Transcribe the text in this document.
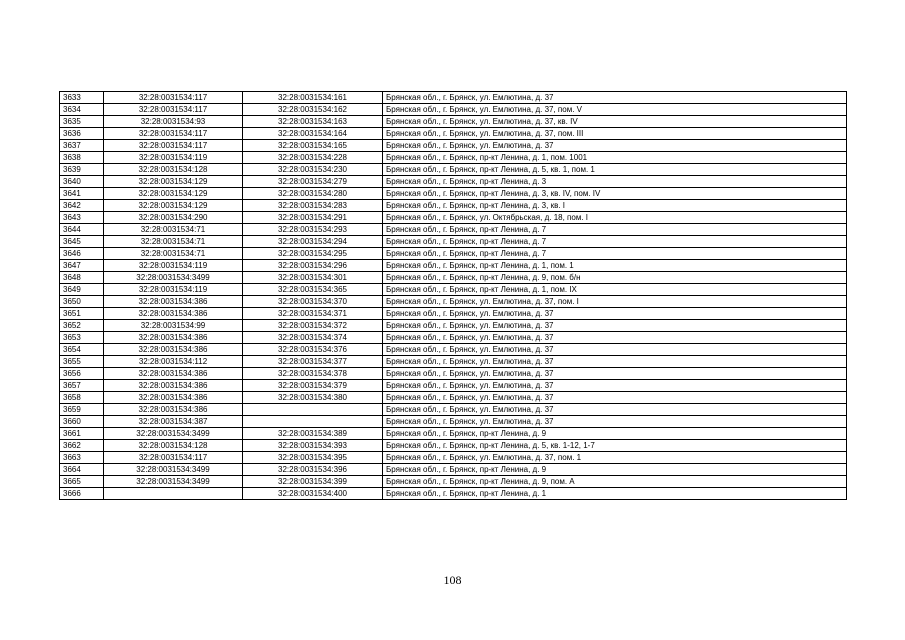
3633	32:28:0031534:117	32:28:0031534:161	Брянская обл., г. Брянск, ул. Емлютина, д. 37
3634	32:28:0031534:117	32:28:0031534:162	Брянская обл., г. Брянск, ул. Емлютина, д. 37, пом. V
3635	32:28:0031534:93	32:28:0031534:163	Брянская обл., г. Брянск, ул. Емлютина, д. 37, кв. IV
3636	32:28:0031534:117	32:28:0031534:164	Брянская обл., г. Брянск, ул. Емлютина, д. 37, пом. III
3637	32:28:0031534:117	32:28:0031534:165	Брянская обл., г. Брянск, ул. Емлютина, д. 37
3638	32:28:0031534:119	32:28:0031534:228	Брянская обл., г. Брянск, пр-кт Ленина, д. 1, пом. 1001
3639	32:28:0031534:128	32:28:0031534:230	Брянская обл., г. Брянск, пр-кт Ленина, д. 5, кв. 1, пом. 1
3640	32:28:0031534:129	32:28:0031534:279	Брянская обл., г. Брянск, пр-кт Ленина, д. 3
3641	32:28:0031534:129	32:28:0031534:280	Брянская обл., г. Брянск, пр-кт Ленина, д. 3, кв. IV, пом. IV
3642	32:28:0031534:129	32:28:0031534:283	Брянская обл., г. Брянск, пр-кт Ленина, д. 3, кв. I
3643	32:28:0031534:290	32:28:0031534:291	Брянская обл., г. Брянск, ул. Октябрьская, д. 18, пом. I
3644	32:28:0031534:71	32:28:0031534:293	Брянская обл., г. Брянск, пр-кт Ленина, д. 7
3645	32:28:0031534:71	32:28:0031534:294	Брянская обл., г. Брянск, пр-кт Ленина, д. 7
3646	32:28:0031534:71	32:28:0031534:295	Брянская обл., г. Брянск, пр-кт Ленина, д. 7
3647	32:28:0031534:119	32:28:0031534:296	Брянская обл., г. Брянск, пр-кт Ленина, д. 1, пом. 1
3648	32:28:0031534:3499	32:28:0031534:301	Брянская обл., г. Брянск, пр-кт Ленина, д. 9, пом. б/н
3649	32:28:0031534:119	32:28:0031534:365	Брянская обл., г. Брянск, пр-кт Ленина, д. 1, пом. IX
3650	32:28:0031534:386	32:28:0031534:370	Брянская обл., г. Брянск, ул. Емлютина, д. 37, пом. I
3651	32:28:0031534:386	32:28:0031534:371	Брянская обл., г. Брянск, ул. Емлютина, д. 37
3652	32:28:0031534:99	32:28:0031534:372	Брянская обл., г. Брянск, ул. Емлютина, д. 37
3653	32:28:0031534:386	32:28:0031534:374	Брянская обл., г. Брянск, ул. Емлютина, д. 37
3654	32:28:0031534:386	32:28:0031534:376	Брянская обл., г. Брянск, ул. Емлютина, д. 37
3655	32:28:0031534:112	32:28:0031534:377	Брянская обл., г. Брянск, ул. Емлютина, д. 37
3656	32:28:0031534:386	32:28:0031534:378	Брянская обл., г. Брянск, ул. Емлютина, д. 37
3657	32:28:0031534:386	32:28:0031534:379	Брянская обл., г. Брянск, ул. Емлютина, д. 37
3658	32:28:0031534:386	32:28:0031534:380	Брянская обл., г. Брянск, ул. Емлютина, д. 37
3659	32:28:0031534:386		Брянская обл., г. Брянск, ул. Емлютина, д. 37
3660	32:28:0031534:387		Брянская обл., г. Брянск, ул. Емлютина, д. 37
3661	32:28:0031534:3499	32:28:0031534:389	Брянская обл., г. Брянск, пр-кт Ленина, д. 9
3662	32:28:0031534:128	32:28:0031534:393	Брянская обл., г. Брянск, пр-кт Ленина, д. 5, кв. 1-12, 1-7
3663	32:28:0031534:117	32:28:0031534:395	Брянская обл., г. Брянск, ул. Емлютина, д. 37, пом. 1
3664	32:28:0031534:3499	32:28:0031534:396	Брянская обл., г. Брянск, пр-кт Ленина, д. 9
3665	32:28:0031534:3499	32:28:0031534:399	Брянская обл., г. Брянск, пр-кт Ленина, д. 9, пом. А
3666		32:28:0031534:400	Брянская обл., г. Брянск, пр-кт Ленина, д. 1
108
